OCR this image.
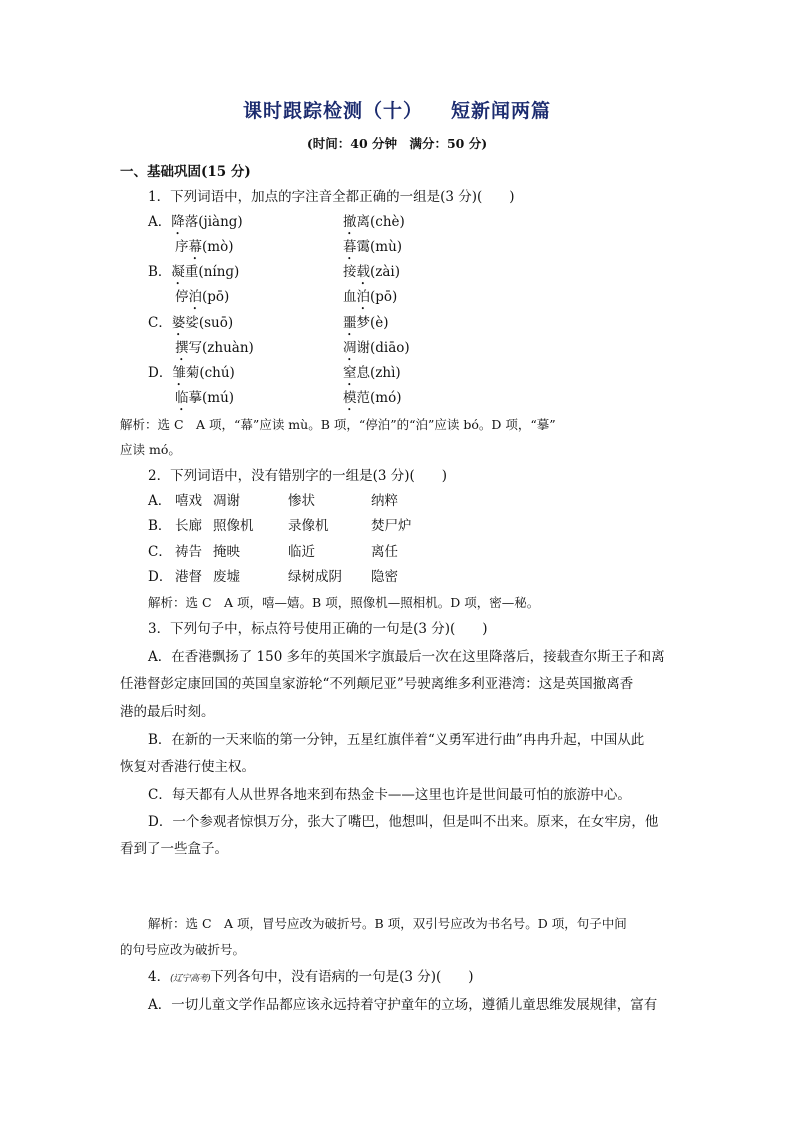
课时跟踪检测（十） 短新闻两篇
(时间：40 分钟　满分：50 分)
一、基础巩固(15 分)
1．下列词语中，加点的字注音全都正确的一组是(3 分)(　　)
A．降落(jiàng)	撤离(chè)
序幕(mò)	暮霭(mù)
B．凝重(nínɡ)	接载(zài)
停泊(pō)	血泊(pō)
C．婆娑(suō)	噩梦(è)
撰写(zhuàn)	凋谢(diāo)
D．雏菊(chú)	窒息(zhì)
临摹(mú)	模范(mó)
解析：选 C　A 项，“幕”应读 mù。B 项，“停泊”的“泊”应读 bó。D 项，“摹”
应读 mó。
2．下列词语中，没有错别字的一组是(3 分)(　　)
A． 嘻戏 凋谢	惨状	纳粹
B． 长廊 照像机	录像机	焚尸炉
C． 祷告 掩映	临近	离任
D． 港督 废墟	绿树成阴 隐密
解析：选 C　A 项，嘻—嬉。B 项，照像机—照相机。D 项，密—秘。
3．下列句子中，标点符号使用正确的一句是(3 分)(　　)
A．在香港飘扬了 150 多年的英国米字旗最后一次在这里降落后，接载查尔斯王子和离
任港督彭定康回国的英国皇家游轮“不列颠尼亚”号驶离维多利亚港湾：这是英国撤离香
港的最后时刻。
B．在新的一天来临的第一分钟，五星红旗伴着“义勇军进行曲”冉冉升起，中国从此
恢复对香港行使主权。
C．每天都有人从世界各地来到布热金卡——这里也许是世间最可怕的旅游中心。
D．一个参观者惊惧万分，张大了嘴巴，他想叫，但是叫不出来。原来，在女牢房，他
看到了一些盒子。
解析：选 C　A 项，冒号应改为破折号。B 项，双引号应改为书名号。D 项，句子中间
的句号应改为破折号。
4．(辽宁高考)下列各句中，没有语病的一句是(3 分)(　　)
A．一切儿童文学作品都应该永远持着守护童年的立场，遵循儿童思维发展规律，富有
